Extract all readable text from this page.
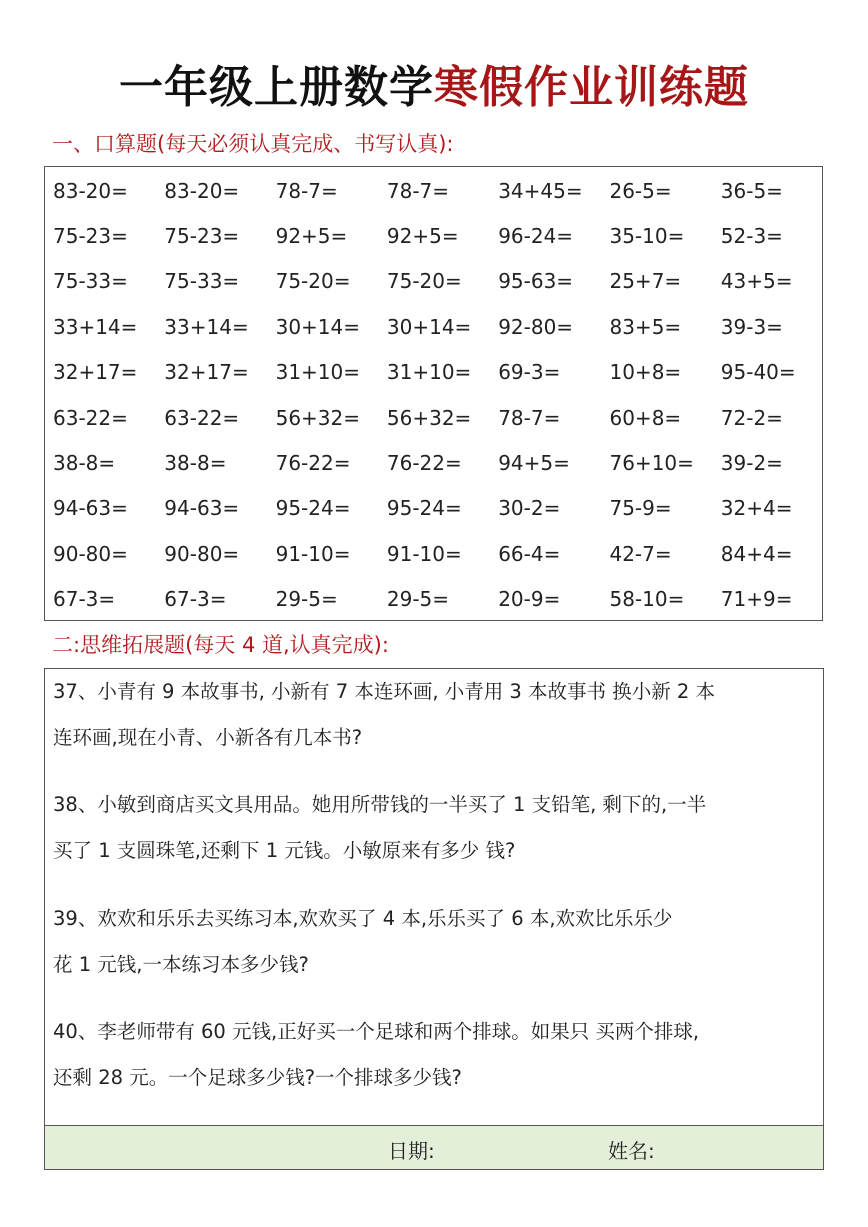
一年级上册数学寒假作业训练题
一、口算题(每天必须认真完成、书写认真):
83-20=	83-20=	78-7=	78-7=	34+45=	26-5=	36-5=
75-23=	75-23=	92+5=	92+5=	96-24=	35-10=	52-3=
75-33=	75-33=	75-20=	75-20=	95-63=	25+7=	43+5=
33+14=	33+14=	30+14=	30+14=	92-80=	83+5=	39-3=
32+17=	32+17=	31+10=	31+10=	69-3=	10+8=	95-40=
63-22=	63-22=	56+32=	56+32=	78-7=	60+8=	72-2=
38-8=	38-8=	76-22=	76-22=	94+5=	76+10=	39-2=
94-63=	94-63=	95-24=	95-24=	30-2=	75-9=	32+4=
90-80=	90-80=	91-10=	91-10=	66-4=	42-7=	84+4=
67-3=	67-3=	29-5=	29-5=	20-9=	58-10=	71+9=
二:思维拓展题(每天 4 道,认真完成):
37、小青有 9 本故事书, 小新有 7 本连环画, 小青用 3 本故事书 换小新 2 本
连环画,现在小青、小新各有几本书?
38、小敏到商店买文具用品。她用所带钱的一半买了 1 支铅笔, 剩下的,一半
买了 1 支圆珠笔,还剩下 1 元钱。小敏原来有多少 钱?
39、欢欢和乐乐去买练习本,欢欢买了 4 本,乐乐买了 6 本,欢欢比乐乐少
花 1 元钱,一本练习本多少钱?
40、李老师带有 60 元钱,正好买一个足球和两个排球。如果只 买两个排球,
还剩 28 元。一个足球多少钱?一个排球多少钱?
日期:	姓名:
